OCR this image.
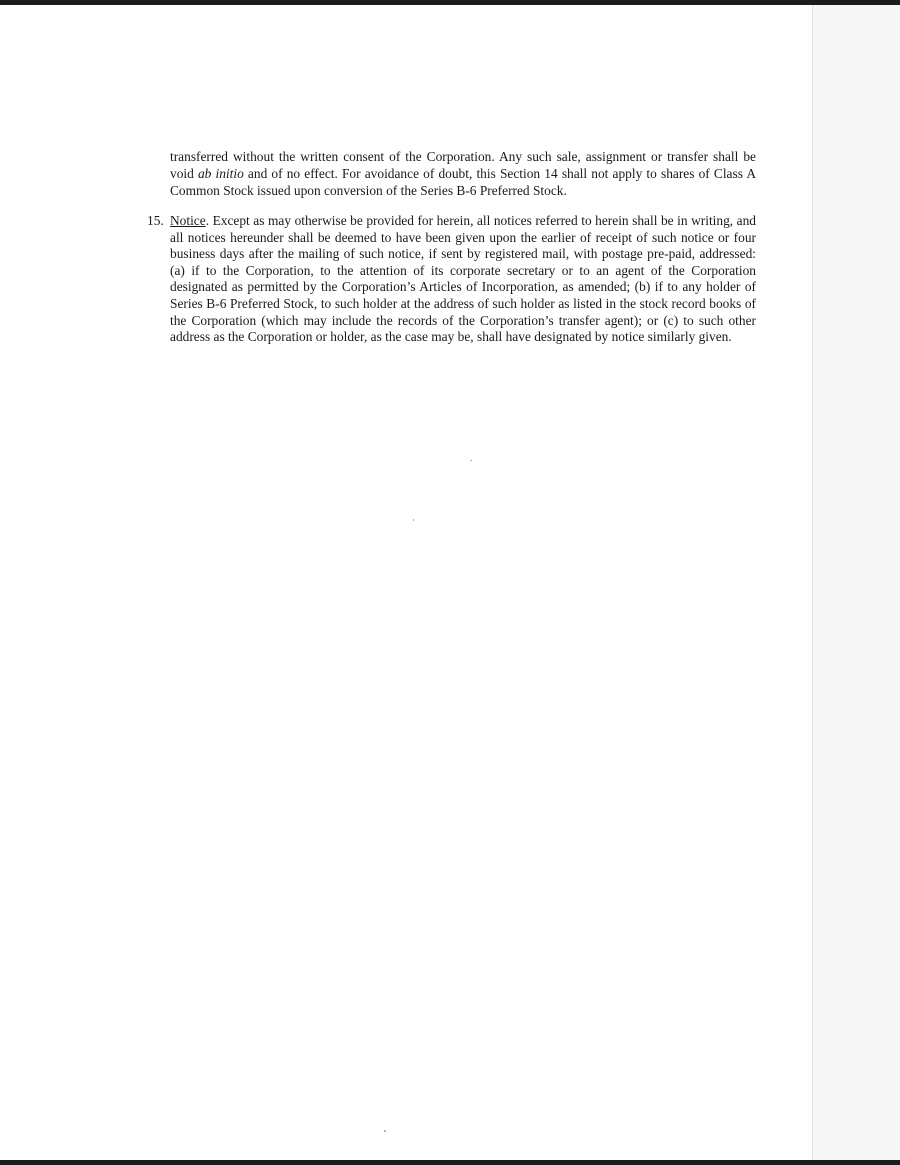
transferred without the written consent of the Corporation. Any such sale, assignment or transfer shall be void ab initio and of no effect. For avoidance of doubt, this Section 14 shall not apply to shares of Class A Common Stock issued upon conversion of the Series B-6 Preferred Stock.

15. Notice. Except as may otherwise be provided for herein, all notices referred to herein shall be in writing, and all notices hereunder shall be deemed to have been given upon the earlier of receipt of such notice or four business days after the mailing of such notice, if sent by registered mail, with postage pre-paid, addressed: (a) if to the Corporation, to the attention of its corporate secretary or to an agent of the Corporation designated as permitted by the Corporation’s Articles of Incorporation, as amended; (b) if to any holder of Series B-6 Preferred Stock, to such holder at the address of such holder as listed in the stock record books of the Corporation (which may include the records of the Corporation’s transfer agent); or (c) to such other address as the Corporation or holder, as the case may be, shall have designated by notice similarly given.
